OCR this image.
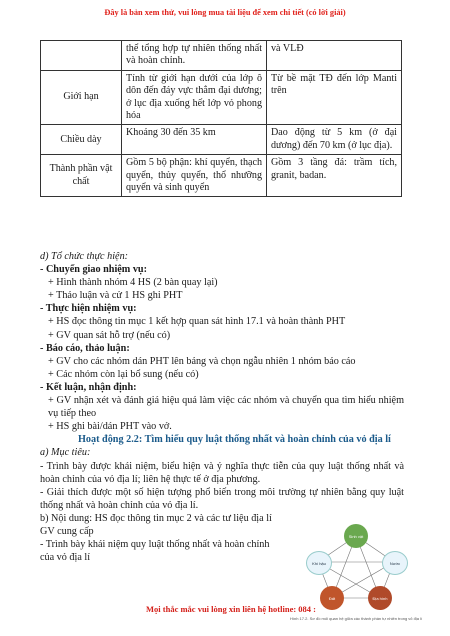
Đây là bản xem thử, vui lòng mua tài liệu để xem chi tiết (có lời giải)
	thể tổng hợp tự nhiên thống nhất và hoàn chỉnh.	và VLĐ
Giới hạn	Tính từ giới hạn dưới của lớp ô dôn đến đáy vực thẳm đại dương; ở lục địa xuống hết lớp vỏ phong hóa	Từ bề mặt TĐ đến lớp Manti trên
Chiều dày	Khoảng 30 đến 35 km	Dao động từ 5 km (ở đại dương) đến 70 km (ở lục địa).
Thành phần vật chất	Gồm 5 bộ phận: khí quyển, thạch quyển, thủy quyển, thổ nhưỡng quyển và sinh quyển	Gồm 3 tầng đá: trầm tích, granit, badan.
d) Tổ chức thực hiện:
- Chuyển giao nhiệm vụ:
+ Hình thành nhóm 4 HS (2 bàn quay lại)
+ Thảo luận và cử 1 HS ghi PHT
- Thực hiện nhiệm vụ:
+ HS đọc thông tin mục 1 kết hợp quan sát hình 17.1 và hoàn thành PHT
+ GV quan sát hỗ trợ (nếu có)
- Báo cáo, thảo luận:
+ GV cho các nhóm dán PHT lên bảng và chọn ngẫu nhiên 1 nhóm báo cáo
+ Các nhóm còn lại bổ sung (nếu có)
- Kết luận, nhận định:
+ GV nhận xét và đánh giá hiệu quả làm việc các nhóm và chuyển qua tìm hiểu nhiệm vụ tiếp theo
+ HS ghi bài/dán PHT vào vở.
Hoạt động 2.2: Tìm hiểu quy luật thống nhất và hoàn chỉnh của vỏ địa lí
a) Mục tiêu:
- Trình bày được khái niệm, biểu hiện và ý nghĩa thực tiễn của quy luật thống nhất và hoàn chỉnh của vỏ địa lí; liên hệ thực tế ở địa phương.
- Giải thích được một số hiện tượng phổ biến trong môi trường tự nhiên bằng quy luật thống nhất và hoàn chỉnh của vỏ địa lí.
b) Nội dung: HS đọc thông tin mục 2 và các tư liệu địa lí
GV cung cấp
- Trình bày khái niệm quy luật thống nhất và hoàn chỉnh
của vỏ địa lí
Sinh vật
Khí hậu	Nước
Đất	Địa hình
Hình 17.2. Sơ đồ mối quan hệ giữa các thành phần tự nhiên trong vỏ địa lí
Mọi thắc mắc vui lòng xin liên hệ hotline: 084 :
